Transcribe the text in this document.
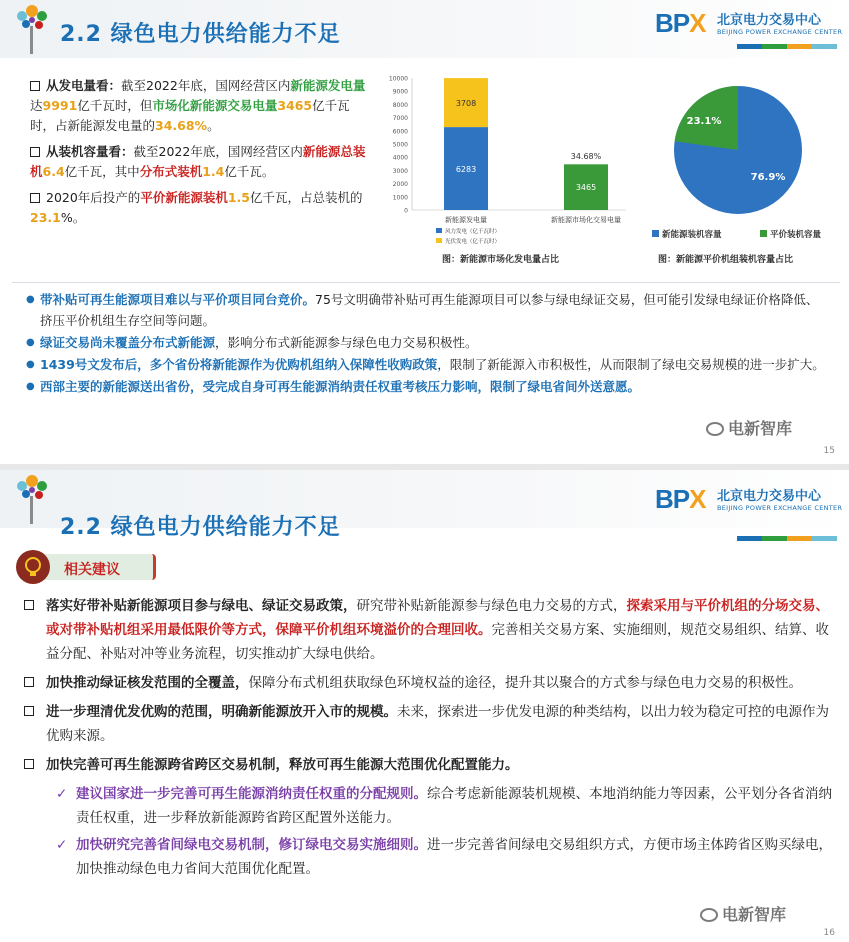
2.2 绿色电力供给能力不足	BPX 北京电力交易中心
BEIJING POWER EXCHANGE CENTER

从发电量看：截至2022年底，国网经营区内新能源发电量达9991亿千瓦时，但市场化新能源交易电量3465亿千瓦时，占新能源发电量的34.68%。

从装机容量看：截至2022年底，国网经营区内新能源总装机6.4亿千瓦，其中分布式装机1.4亿千瓦。

2020年后投产的平价新能源装机1.5亿千瓦，占总装机的23.1%。

10000
9000
8000
7000
6000
5000
4000
3000
2000
1000
0
6283
3708
3465
34.68%
新能源发电量	新能源市场化交易电量
风力发电（亿千瓦时）
光伏发电（亿千瓦时）
图：新能源市场化发电量占比
76.9%
23.1%
新能源装机容量	平价装机容量
图：新能源平价机组装机容量占比
● 带补贴可再生能源项目难以与平价项目同台竞价。75号文明确带补贴可再生能源项目可以参与绿电绿证交易，但可能引发绿电绿证价格降低、挤压平价机组生存空间等问题。
● 绿证交易尚未覆盖分布式新能源，影响分布式新能源参与绿色电力交易积极性。
● 1439号文发布后，多个省份将新能源作为优购机组纳入保障性收购政策，限制了新能源入市积极性，从而限制了绿电交易规模的进一步扩大。
● 西部主要的新能源送出省份，受完成自身可再生能源消纳责任权重考核压力影响，限制了绿电省间外送意愿。
电新智库
15
2.2 绿色电力供给能力不足
BPX 北京电力交易中心
BEIJING POWER EXCHANGE CENTER
相关建议
落实好带补贴新能源项目参与绿电、绿证交易政策，研究带补贴新能源参与绿色电力交易的方式，探索采用与平价机组的分场交易、或对带补贴机组采用最低限价等方式，保障平价机组环境溢价的合理回收。完善相关交易方案、实施细则，规范交易组织、结算、收益分配、补贴对冲等业务流程，切实推动扩大绿电供给。
加快推动绿证核发范围的全覆盖，保障分布式机组获取绿色环境权益的途径，提升其以聚合的方式参与绿色电力交易的积极性。
进一步理清优发优购的范围，明确新能源放开入市的规模。未来，探索进一步优发电源的种类结构，以出力较为稳定可控的电源作为优购来源。
加快完善可再生能源跨省跨区交易机制，释放可再生能源大范围优化配置能力。
✓ 建议国家进一步完善可再生能源消纳责任权重的分配规则。综合考虑新能源装机规模、本地消纳能力等因素，公平划分各省消纳责任权重，进一步释放新能源跨省跨区配置外送能力。
✓ 加快研究完善省间绿电交易机制，修订绿电交易实施细则。进一步完善省间绿电交易组织方式，方便市场主体跨省区购买绿电，加快推动绿色电力省间大范围优化配置。
电新智库
16
